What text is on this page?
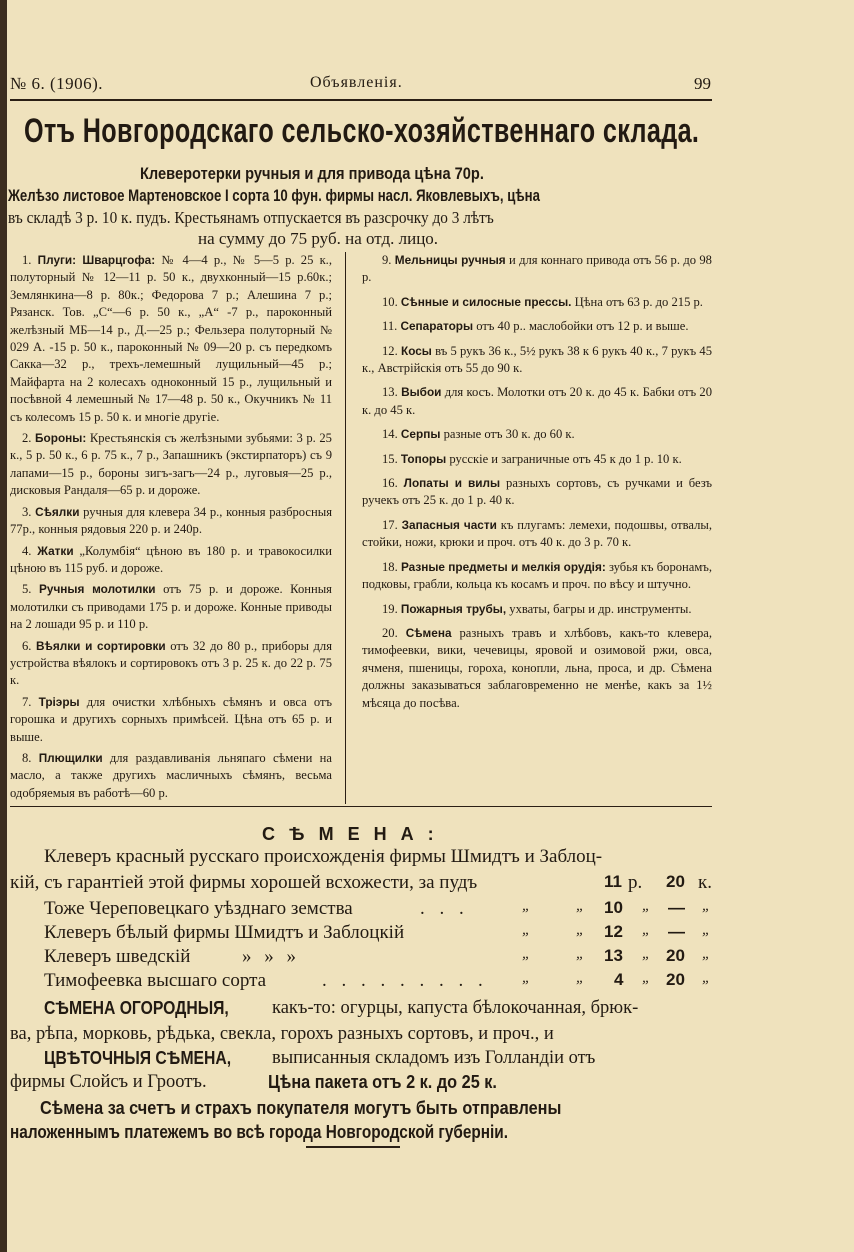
№ 6. (1906).	Объявленія.	99
Отъ Новгородскаго сельско-хозяйственнаго склада.
Клеверотерки ручныя и для привода цѣна 70р.
Желѣзо листовое Мартеновское I сорта 10 фун. фирмы насл. Яковлевыхъ, цѣна
въ складѣ 3 р. 10 к. пудъ. Крестьянамъ отпускается въ разсрочку до 3 лѣтъ
на сумму до 75 руб. на отд. лицо.

1. Плуги: Шварцгофа: № 4—4 р., № 5—5 р. 25 к., полуторный № 12—11 р. 50 к., двухконный—15 р.60к.; Землянкина—8 р. 80к.; Федорова 7 р.; Алешина 7 р.; Рязанск. Тов. „С“—6 р. 50 к., „А“ -7 р., пароконный желѣзный МБ—14 р., Д.—25 р.; Фельзера полуторный № 029 А. -15 р. 50 к., пароконный № 09—20 р. съ передкомъ Сакка—32 р., трехъ-лемешный лущильный—45 р.; Майфарта на 2 колесахъ одноконный 15 р., лущильный и посѣвной 4 лемешный № 17—48 р. 50 к., Окучникъ № 11 съ колесомъ 15 р. 50 к. и многіе другіе.

2. Бороны: Крестьянскія съ желѣзными зубьями: 3 р. 25 к., 5 р. 50 к., 6 р. 75 к., 7 р., Запашникъ (экстирпаторъ) съ 9 лапами—15 р., бороны зигъ-загъ—24 р., луговыя—25 р., дисковыя Рандаля—65 р. и дороже.

3. Сѣялки ручныя для клевера 34 р., конныя разбросныя 77р., конныя рядовыя 220 р. и 240р.

4. Жатки „Колумбія“ цѣною въ 180 р. и травокосилки цѣною въ 115 руб. и дороже.

5. Ручныя молотилки отъ 75 р. и дороже. Конныя молотилки съ приводами 175 р. и дороже. Конные приводы на 2 лошади 95 р. и 110 р.

6. Вѣялки и сортировки отъ 32 до 80 р., приборы для устройства вѣялокъ и сортировокъ отъ 3 р. 25 к. до 22 р. 75 к.

7. Тріэры для очистки хлѣбныхъ сѣмянъ и овса отъ горошка и другихъ сорныхъ примѣсей. Цѣна отъ 65 р. и выше.

8. Плющилки для раздавливанія льняпаго сѣмени на масло, а также другихъ масличныхъ сѣмянъ, весьма одобряемыя въ работѣ—60 р.

9. Мельницы ручныя и для коннаго привода отъ 56 р. до 98 р.

10. Сѣнные и силосные прессы. Цѣна отъ 63 р. до 215 р.

11. Сепараторы отъ 40 р.. маслобойки отъ 12 р. и выше.

12. Косы въ 5 рукъ 36 к., 5½ рукъ 38 к 6 рукъ 40 к., 7 рукъ 45 к., Австрійскія отъ 55 до 90 к.

13. Выбои для косъ. Молотки отъ 20 к. до 45 к. Бабки отъ 20 к. до 45 к.

14. Серпы разные отъ 30 к. до 60 к.

15. Топоры русскіе и заграничные отъ 45 к до 1 р. 10 к.

16. Лопаты и вилы разныхъ сортовъ, съ ручками и безъ ручекъ отъ 25 к. до 1 р. 40 к.

17. Запасныя части къ плугамъ: лемехи, подошвы, отвалы, стойки, ножи, крюки и проч. отъ 40 к. до 3 р. 70 к.

18. Разные предметы и мелкія орудія: зубья къ боронамъ, подковы, грабли, кольца къ косамъ и проч. по вѣсу и штучно.

19. Пожарныя трубы, ухваты, багры и др. инструменты.

20. Сѣмена разныхъ травъ и хлѣбовъ, какъ-то клевера, тимофеевки, вики, чечевицы, яровой и озимовой ржи, овса, ячменя, пшеницы, гороха, конопли, льна, проса, и др. Сѣмена должны заказываться заблаговременно не менѣе, какъ за 1½ мѣсяца до посѣва.

СѢМЕНА:
Клеверъ красный русскаго происхожденія фирмы Шмидтъ и Заблоц-
кій, съ гарантіей этой фирмы хорошей всхожести, за пудъ	11 р. 20 к.
Тоже Череповецкаго уѣзднаго земства	. . .	„	„ 10 „ — „
Клеверъ бѣлый фирмы Шмидтъ и Заблоцкій	„	„ 12 „ — „
Клеверъ шведскій	» » »	„	„ 13 „ 20 „
Тимофеевка высшаго сорта	. . . . . . . . . „	„ 4 „ 20 „
СѢМЕНА ОГОРОДНЫЯ, какъ-то: огурцы, капуста бѣлокочанная, брюк-
ва, рѣпа, морковь, рѣдька, свекла, горохъ разныхъ сортовъ, и проч., и
ЦВѢТОЧНЫЯ СѢМЕНА, выписанныя складомъ изъ Голландіи отъ
фирмы Слойсъ и Гроотъ.	Цѣна пакета отъ 2 к. до 25 к.
Сѣмена за счетъ и страхъ покупателя могутъ быть отправлены
наложеннымъ платежемъ во всѣ города Новгородской губерніи.
